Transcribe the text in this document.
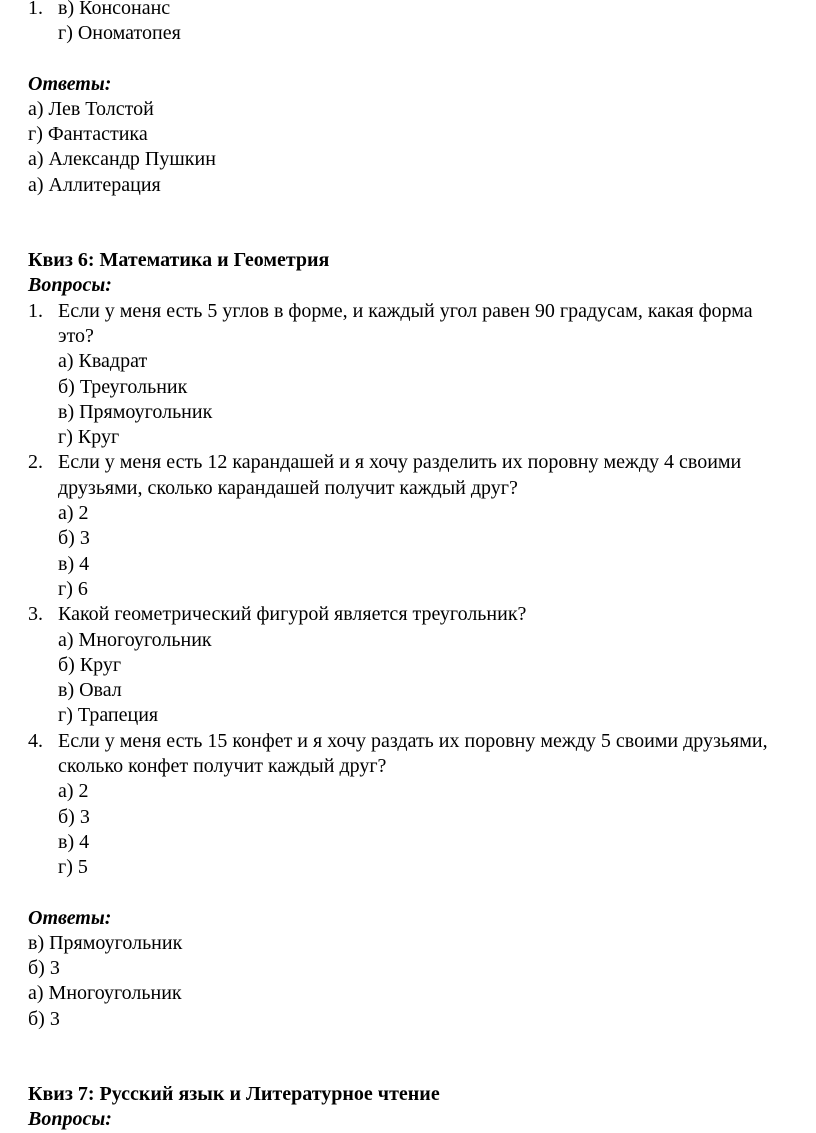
1. в) Консонанс
г) Ономатопея
Ответы:
а) Лев Толстой
г) Фантастика
а) Александр Пушкин
а) Аллитерация
Квиз 6: Математика и Геометрия
Вопросы:
1. Если у меня есть 5 углов в форме, и каждый угол равен 90 градусам, какая форма это?
а) Квадрат
б) Треугольник
в) Прямоугольник
г) Круг
2. Если у меня есть 12 карандашей и я хочу разделить их поровну между 4 своими друзьями, сколько карандашей получит каждый друг?
а) 2
б) 3
в) 4
г) 6
3. Какой геометрический фигурой является треугольник?
а) Многоугольник
б) Круг
в) Овал
г) Трапеция
4. Если у меня есть 15 конфет и я хочу раздать их поровну между 5 своими друзьями, сколько конфет получит каждый друг?
а) 2
б) 3
в) 4
г) 5
Ответы:
в) Прямоугольник
б) 3
а) Многоугольник
б) 3
Квиз 7: Русский язык и Литературное чтение
Вопросы:
